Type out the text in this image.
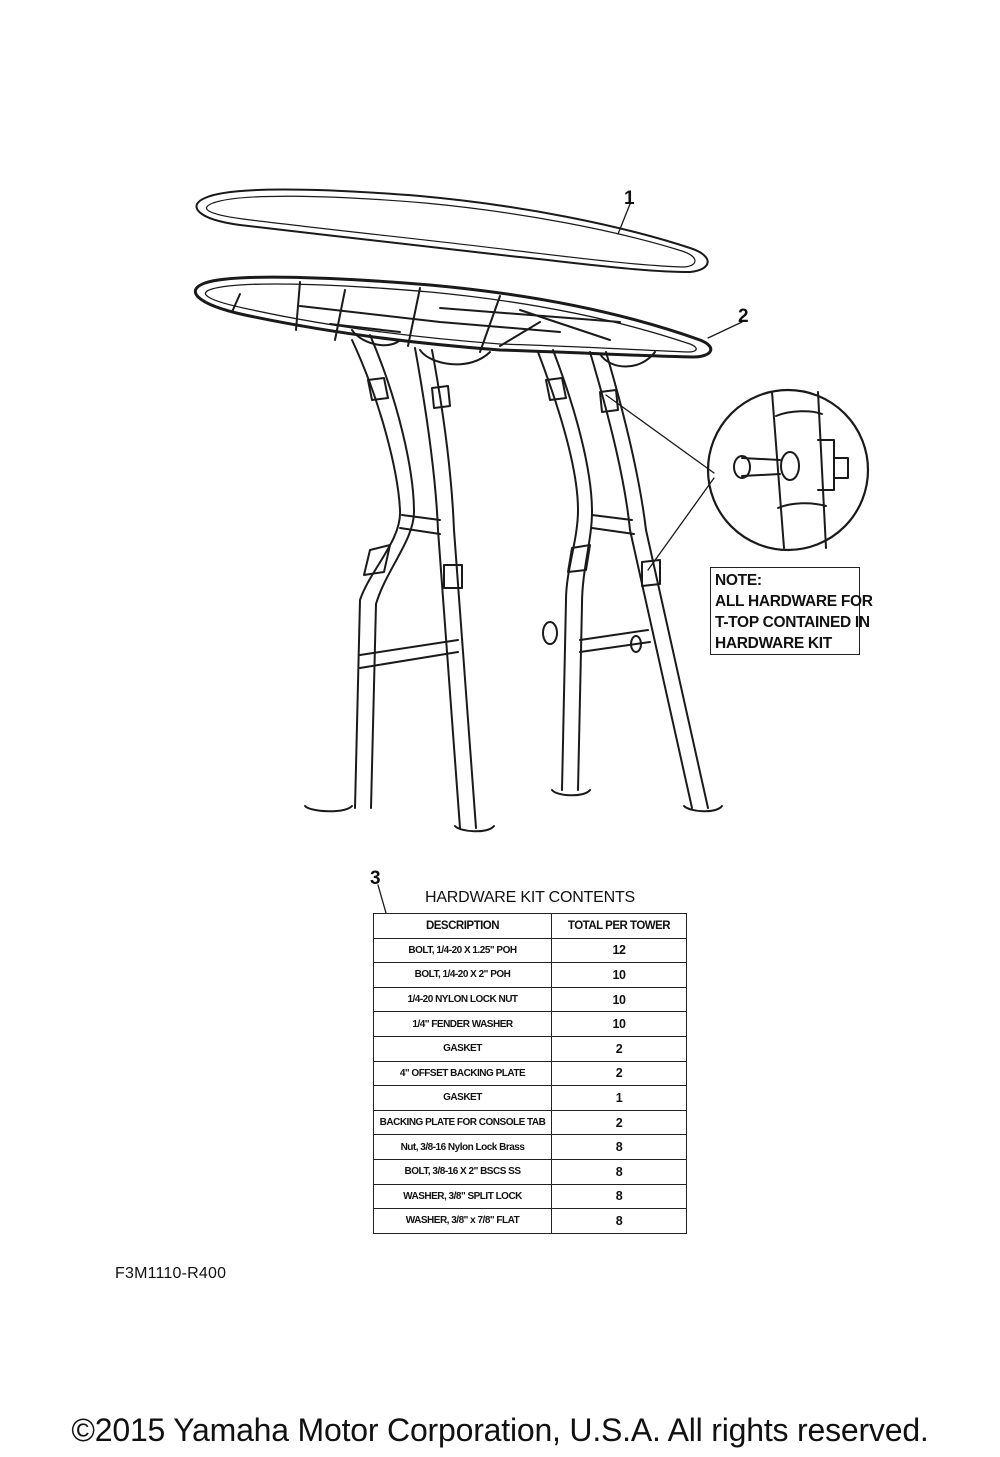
1
2
3
NOTE:
ALL HARDWARE FOR
T-TOP CONTAINED IN
HARDWARE KIT
HARDWARE KIT CONTENTS
DESCRIPTION	TOTAL PER TOWER
BOLT, 1/4-20 X 1.25" POH	12
BOLT, 1/4-20 X 2" POH	10
1/4-20 NYLON LOCK NUT	10
1/4" FENDER WASHER	10
GASKET	2
4" OFFSET BACKING PLATE	2
GASKET	1
BACKING PLATE FOR CONSOLE TAB	2
Nut, 3/8-16 Nylon Lock Brass	8
BOLT, 3/8-16 X 2" BSCS SS	8
WASHER, 3/8" SPLIT LOCK	8
WASHER, 3/8" x 7/8" FLAT	8
F3M1110-R400
©2015 Yamaha Motor Corporation, U.S.A. All rights reserved.
